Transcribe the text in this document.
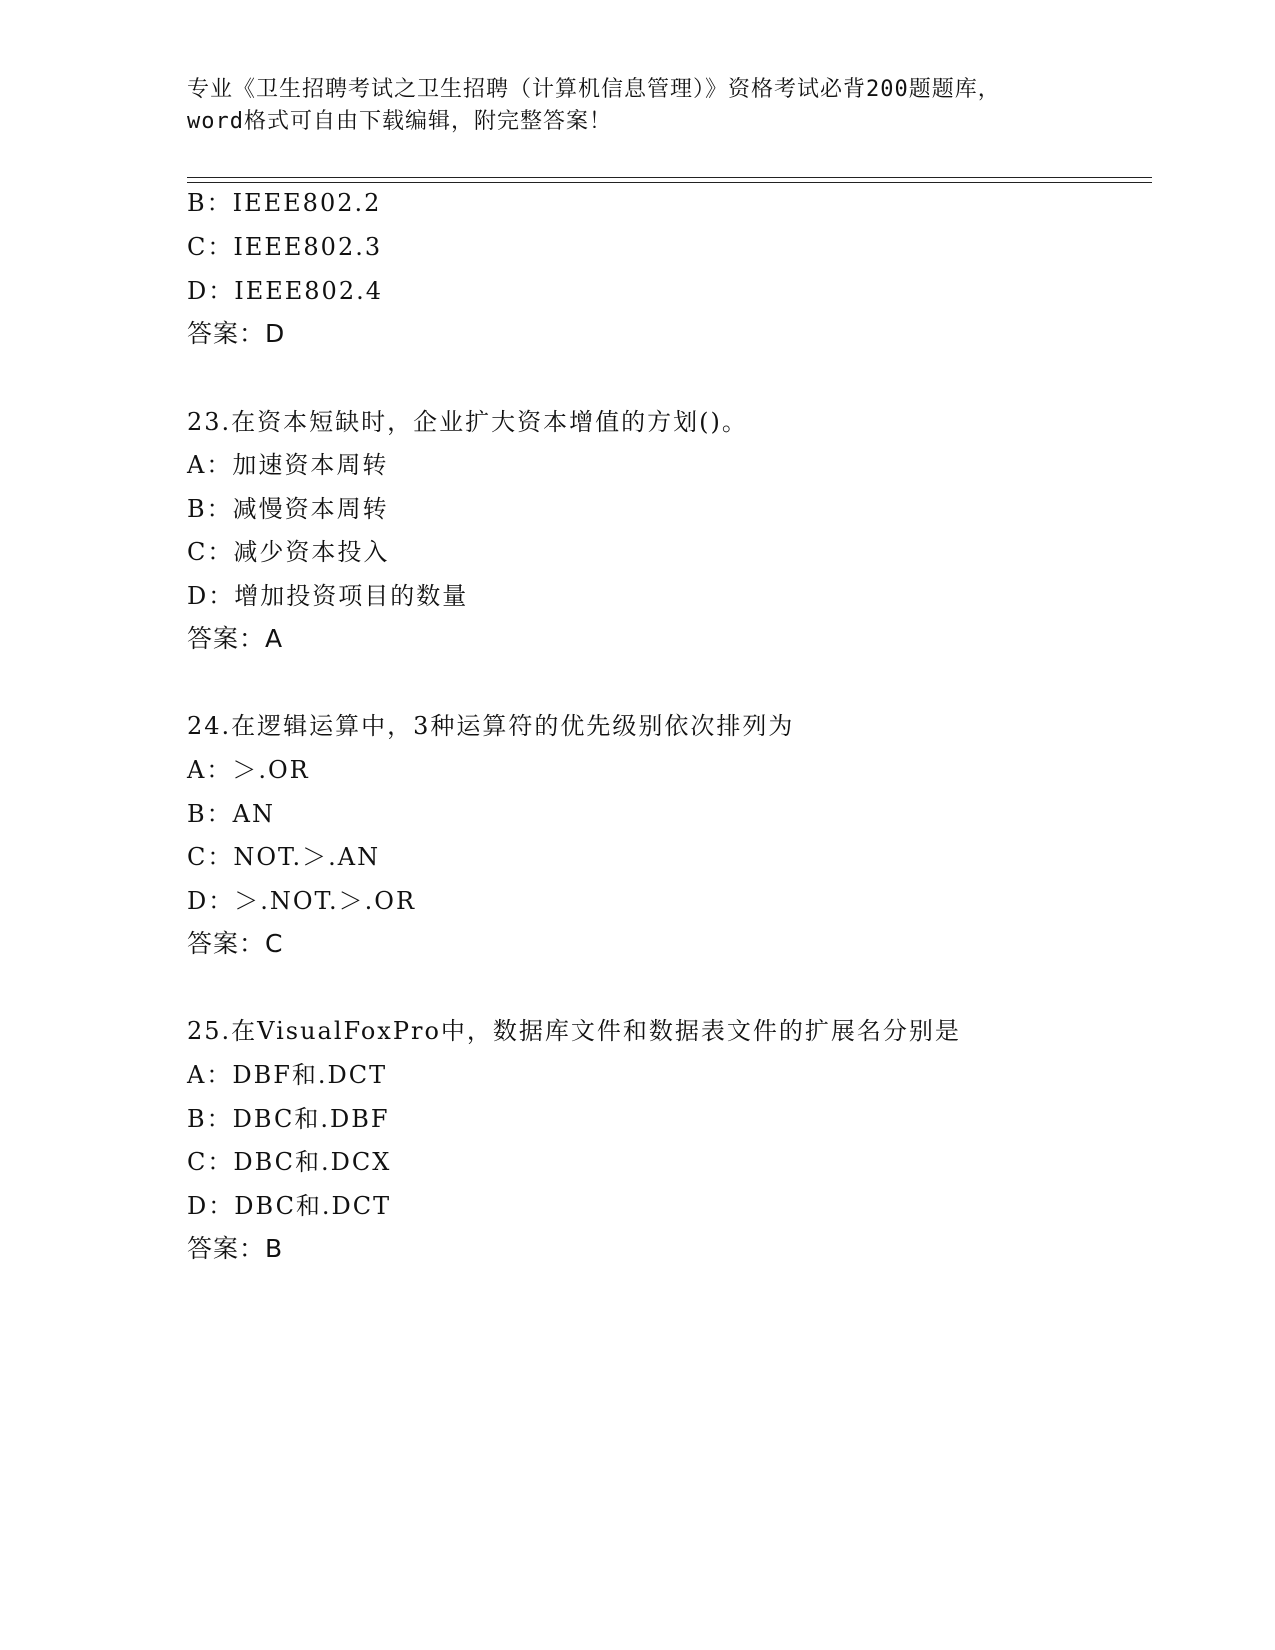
专业《卫生招聘考试之卫生招聘（计算机信息管理）》资格考试必背200题题库，
word格式可自由下载编辑，附完整答案！
B：IEEE802.2
C：IEEE802.3
D：IEEE802.4
答案：D
23.在资本短缺时，企业扩大资本增值的方划()。
A：加速资本周转
B：减慢资本周转
C：减少资本投入
D：增加投资项目的数量
答案：A
24.在逻辑运算中，3种运算符的优先级别依次排列为
A：＞.OR
B：AN
C：NOT.＞.AN
D：＞.NOT.＞.OR
答案：C
25.在VisualFoxPro中，数据库文件和数据表文件的扩展名分别是
A：DBF和.DCT
B：DBC和.DBF
C：DBC和.DCX
D：DBC和.DCT
答案：B
